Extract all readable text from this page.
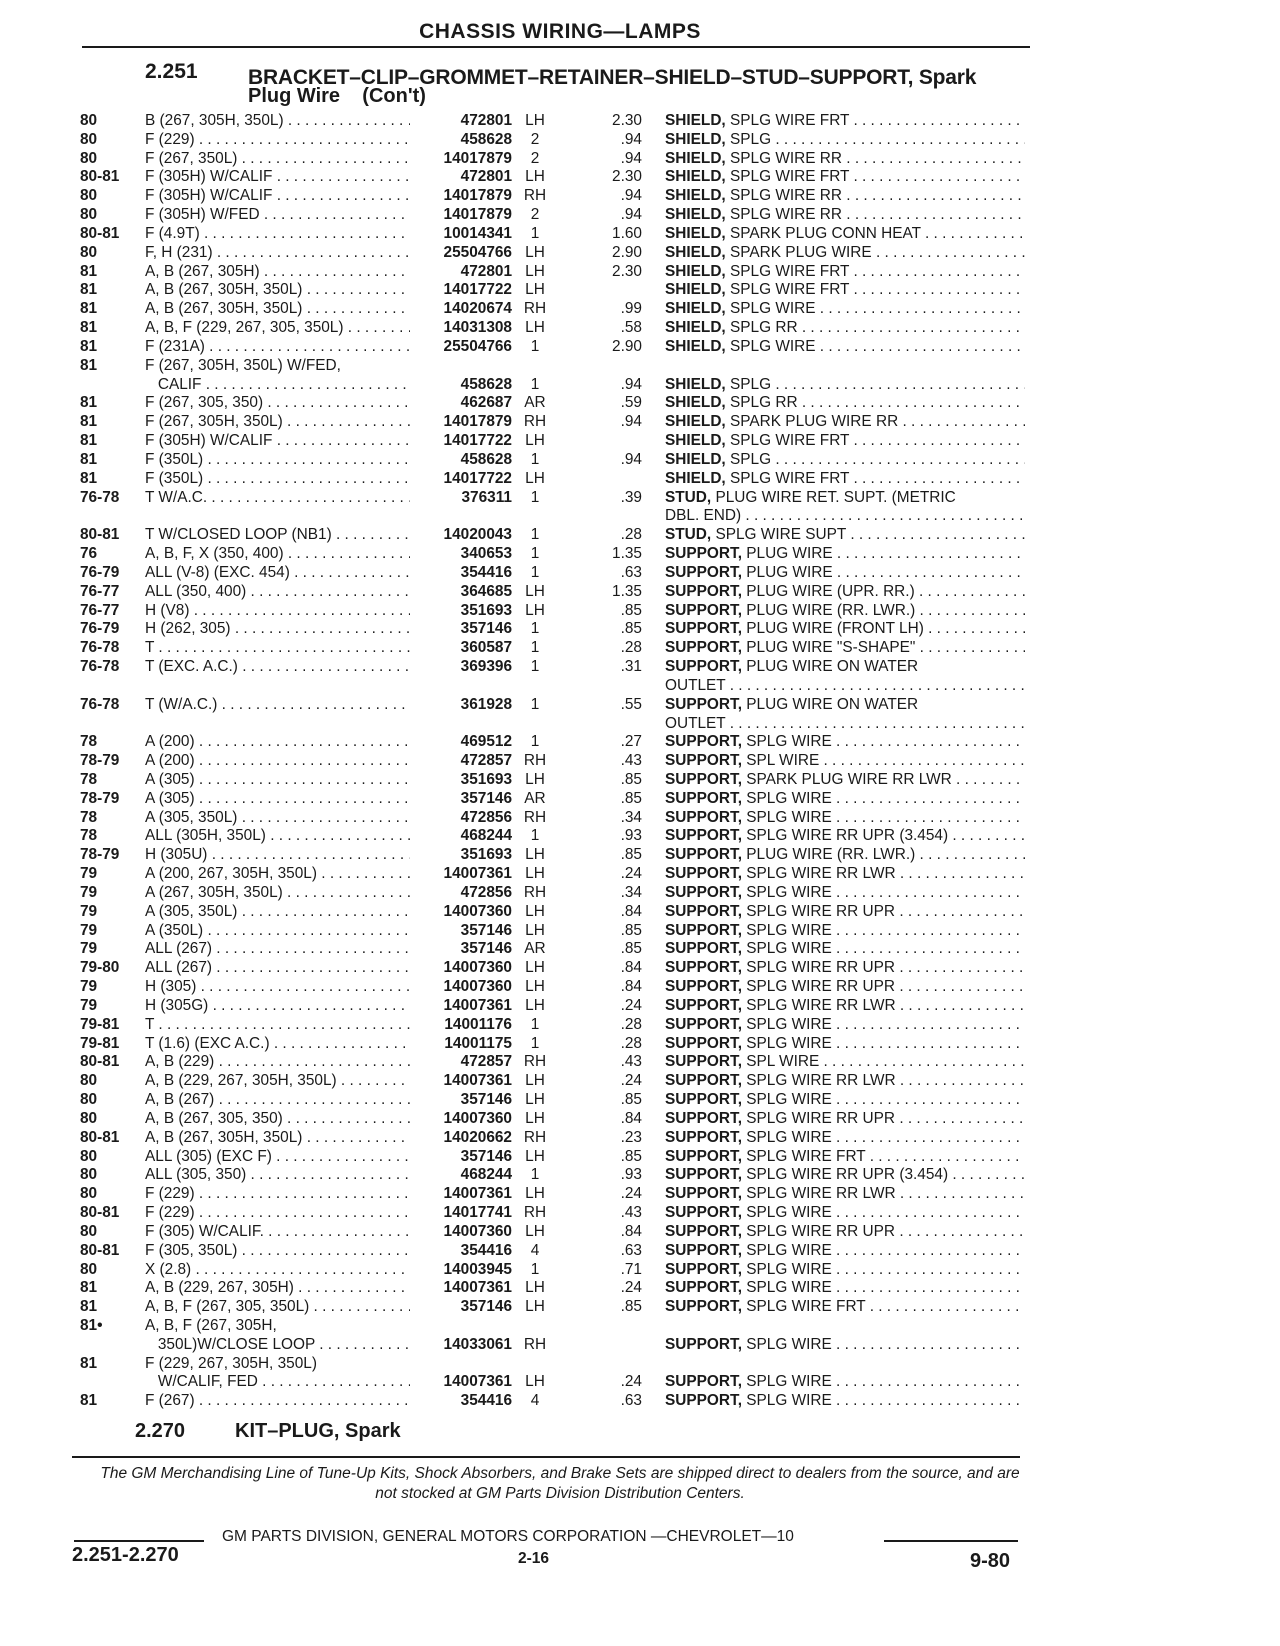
CHASSIS WIRING—LAMPS
2.251 BRACKET–CLIP–GROMMET–RETAINER–SHIELD–STUD–SUPPORT, Spark
Plug Wire    (Con't)
80	B (267, 305H, 350L) . . .	472801 LH	2.30 SHIELD, SPLG WIRE FRT . . .
80	F (229) . . .	458628	2	.94 SHIELD, SPLG . . .
80	F (267, 350L) . . .	14017879	2	.94 SHIELD, SPLG WIRE RR . . .
80-81 F (305H) W/CALIF . . .	472801 LH	2.30 SHIELD, SPLG WIRE FRT . . .
80	F (305H) W/CALIF . . .	14017879 RH	.94 SHIELD, SPLG WIRE RR . . .
80	F (305H) W/FED . . .	14017879	2	.94 SHIELD, SPLG WIRE RR . . .
80-81 F (4.9T) . . .	10014341	1	1.60 SHIELD, SPARK PLUG CONN HEAT . . .
80	F, H (231) . . .	25504766 LH	2.90 SHIELD, SPARK PLUG WIRE . . .
81	A, B (267, 305H) . . .	472801 LH	2.30 SHIELD, SPLG WIRE FRT . . .
81	A, B (267, 305H, 350L) . . .	14017722 LH	SHIELD, SPLG WIRE FRT . . .
81	A, B (267, 305H, 350L) . . .	14020674 RH	.99 SHIELD, SPLG WIRE . . .
81	A, B, F (229, 267, 305, 350L) . . .	14031308 LH	.58 SHIELD, SPLG RR . . .
81	F (231A) . . .	25504766	1	2.90 SHIELD, SPLG WIRE . . .
81	F (267, 305H, 350L) W/FED,
CALIF . . .	458628	1	.94 SHIELD, SPLG . . .
81	F (267, 305, 350) . . .	462687 AR	.59 SHIELD, SPLG RR . . .
81	F (267, 305H, 350L) . . .	14017879 RH	.94 SHIELD, SPARK PLUG WIRE RR . . .
81	F (305H) W/CALIF . . .	14017722 LH	SHIELD, SPLG WIRE FRT . . .
81	F (350L) . . .	458628	1	.94 SHIELD, SPLG . . .
81	F (350L) . . .	14017722 LH	SHIELD, SPLG WIRE FRT . . .
76-78 T W/A.C. . . .	376311	1	.39 STUD, PLUG WIRE RET. SUPT. (METRIC
DBL. END) . . .
80-81 T W/CLOSED LOOP (NB1) . . .	14020043	1	.28 STUD, SPLG WIRE SUPT . . .
76	A, B, F, X (350, 400) . . .	340653	1	1.35 SUPPORT, PLUG WIRE . . .
76-79 ALL (V-8) (EXC. 454) . . .	354416	1	.63 SUPPORT, PLUG WIRE . . .
76-77 ALL (350, 400) . . .	364685 LH	1.35 SUPPORT, PLUG WIRE (UPR. RR.) . . .
76-77 H (V8) . . .	351693 LH	.85 SUPPORT, PLUG WIRE (RR. LWR.) . . .
76-79 H (262, 305) . . .	357146	1	.85 SUPPORT, PLUG WIRE (FRONT LH) . . .
76-78 T . . .	360587	1	.28 SUPPORT, PLUG WIRE "S-SHAPE" . . .
76-78 T (EXC. A.C.) . . .	369396	1	.31 SUPPORT, PLUG WIRE ON WATER
OUTLET . . .
76-78 T (W/A.C.) . . .	361928	1	.55 SUPPORT, PLUG WIRE ON WATER
OUTLET . . .
78	A (200) . . .	469512	1	.27 SUPPORT, SPLG WIRE . . .
78-79 A (200) . . .	472857 RH	.43 SUPPORT, SPL WIRE . . .
78	A (305) . . .	351693 LH	.85 SUPPORT, SPARK PLUG WIRE RR LWR . . .
78-79 A (305) . . .	357146 AR	.85 SUPPORT, SPLG WIRE . . .
78	A (305, 350L) . . .	472856 RH	.34 SUPPORT, SPLG WIRE . . .
78	ALL (305H, 350L) . . .	468244	1	.93 SUPPORT, SPLG WIRE RR UPR (3.454) . . .
78-79 H (305U) . . .	351693 LH	.85 SUPPORT, PLUG WIRE (RR. LWR.) . . .
79	A (200, 267, 305H, 350L) . . .	14007361 LH	.24 SUPPORT, SPLG WIRE RR LWR . . .
79	A (267, 305H, 350L) . . .	472856 RH	.34 SUPPORT, SPLG WIRE . . .
79	A (305, 350L) . . .	14007360 LH	.84 SUPPORT, SPLG WIRE RR UPR . . .
79	A (350L) . . .	357146 LH	.85 SUPPORT, SPLG WIRE . . .
79	ALL (267) . . .	357146 AR	.85 SUPPORT, SPLG WIRE . . .
79-80 ALL (267) . . .	14007360 LH	.84 SUPPORT, SPLG WIRE RR UPR . . .
79	H (305) . . .	14007360 LH	.84 SUPPORT, SPLG WIRE RR UPR . . .
79	H (305G) . . .	14007361 LH	.24 SUPPORT, SPLG WIRE RR LWR . . .
79-81 T . . .	14001176	1	.28 SUPPORT, SPLG WIRE . . .
79-81 T (1.6) (EXC A.C.) . . .	14001175	1	.28 SUPPORT, SPLG WIRE . . .
80-81 A, B (229) . . .	472857 RH	.43 SUPPORT, SPL WIRE . . .
80	A, B (229, 267, 305H, 350L) . . .	14007361 LH	.24 SUPPORT, SPLG WIRE RR LWR . . .
80	A, B (267) . . .	357146 LH	.85 SUPPORT, SPLG WIRE . . .
80	A, B (267, 305, 350) . . .	14007360 LH	.84 SUPPORT, SPLG WIRE RR UPR . . .
80-81 A, B (267, 305H, 350L) . . .	14020662 RH	.23 SUPPORT, SPLG WIRE . . .
80	ALL (305) (EXC F) . . .	357146 LH	.85 SUPPORT, SPLG WIRE FRT . . .
80	ALL (305, 350) . . .	468244	1	.93 SUPPORT, SPLG WIRE RR UPR (3.454) . . .
80	F (229) . . .	14007361 LH	.24 SUPPORT, SPLG WIRE RR LWR . . .
80-81 F (229) . . .	14017741 RH	.43 SUPPORT, SPLG WIRE . . .
80	F (305) W/CALIF. . . .	14007360 LH	.84 SUPPORT, SPLG WIRE RR UPR . . .
80-81 F (305, 350L) . . .	354416	4	.63 SUPPORT, SPLG WIRE . . .
80	X (2.8) . . .	14003945	1	.71 SUPPORT, SPLG WIRE . . .
81	A, B (229, 267, 305H) . . .	14007361 LH	.24 SUPPORT, SPLG WIRE . . .
81	A, B, F (267, 305, 350L) . . .	357146 LH	.85 SUPPORT, SPLG WIRE FRT . . .
81•	A, B, F (267, 305H,
350L)W/CLOSE LOOP . . .	14033061 RH	SUPPORT, SPLG WIRE . . .
81	F (229, 267, 305H, 350L)
W/CALIF, FED . . .	14007361 LH	.24 SUPPORT, SPLG WIRE . . .
81	F (267) . . .	354416	4	.63 SUPPORT, SPLG WIRE . . .
2.270 KIT–PLUG, Spark
The GM Merchandising Line of Tune-Up Kits, Shock Absorbers, and Brake Sets are shipped direct to dealers from the source, and are not stocked at GM Parts Division Distribution Centers.
GM PARTS DIVISION, GENERAL MOTORS CORPORATION —CHEVROLET—10
2.251-2.270	2-16	9-80
